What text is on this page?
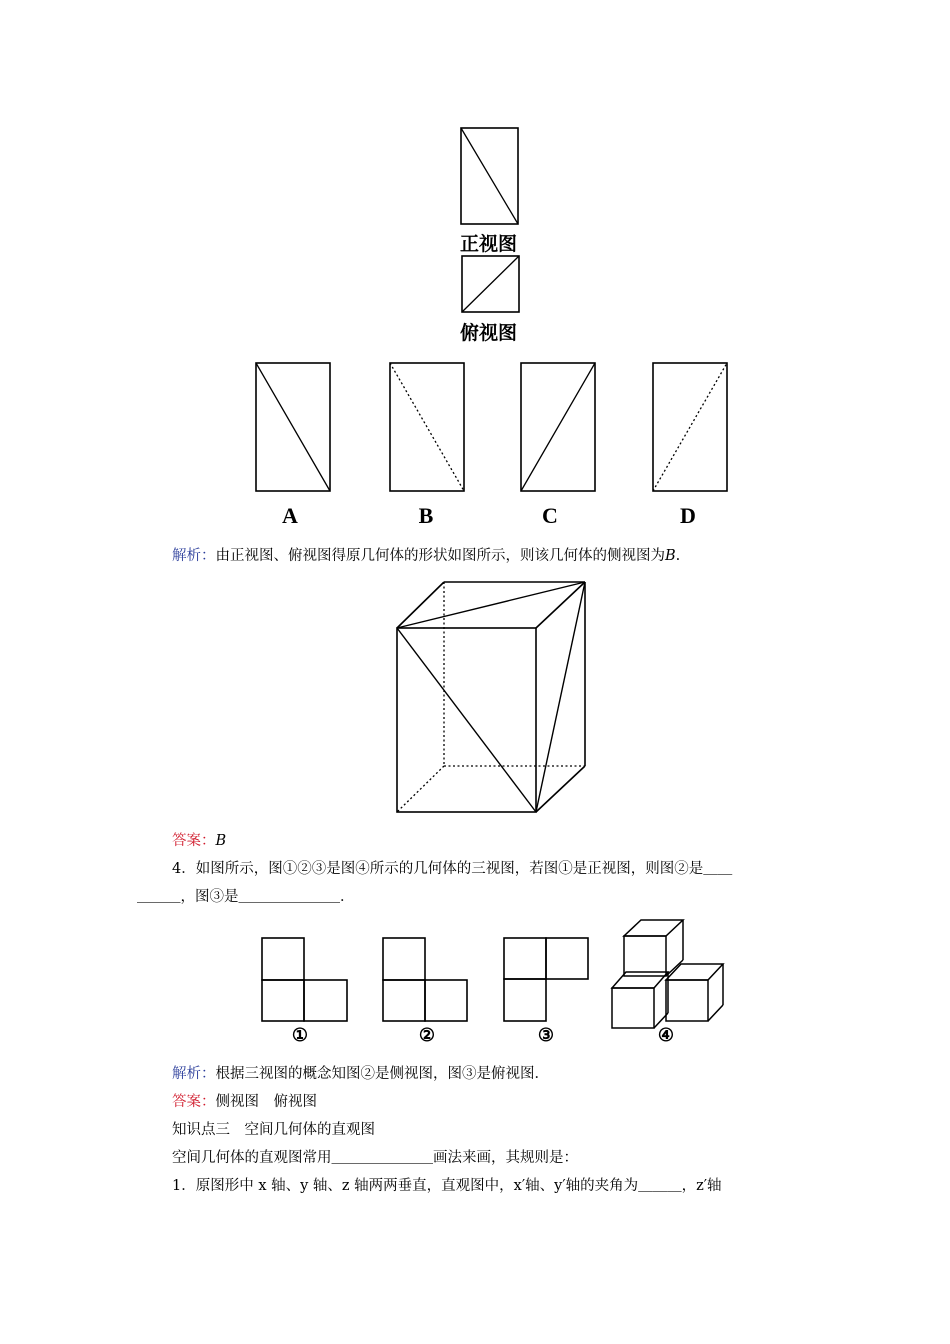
正视图
俯视图
A	B	C	D
解析：由正视图、俯视图得原几何体的形状如图所示，则该几何体的侧视图为B.
答案：B
4．如图所示，图①②③是图④所示的几何体的三视图，若图①是正视图，则图②是＿＿
＿＿＿，图③是＿＿＿＿＿＿＿．
①	②	③	④
解析：根据三视图的概念知图②是侧视图，图③是俯视图．
答案：侧视图　俯视图
知识点三　空间几何体的直观图
空间几何体的直观图常用＿＿＿＿＿＿＿画法来画，其规则是：
1．原图形中 x 轴、y 轴、z 轴两两垂直，直观图中，x′轴、y′轴的夹角为＿＿＿，z′轴
